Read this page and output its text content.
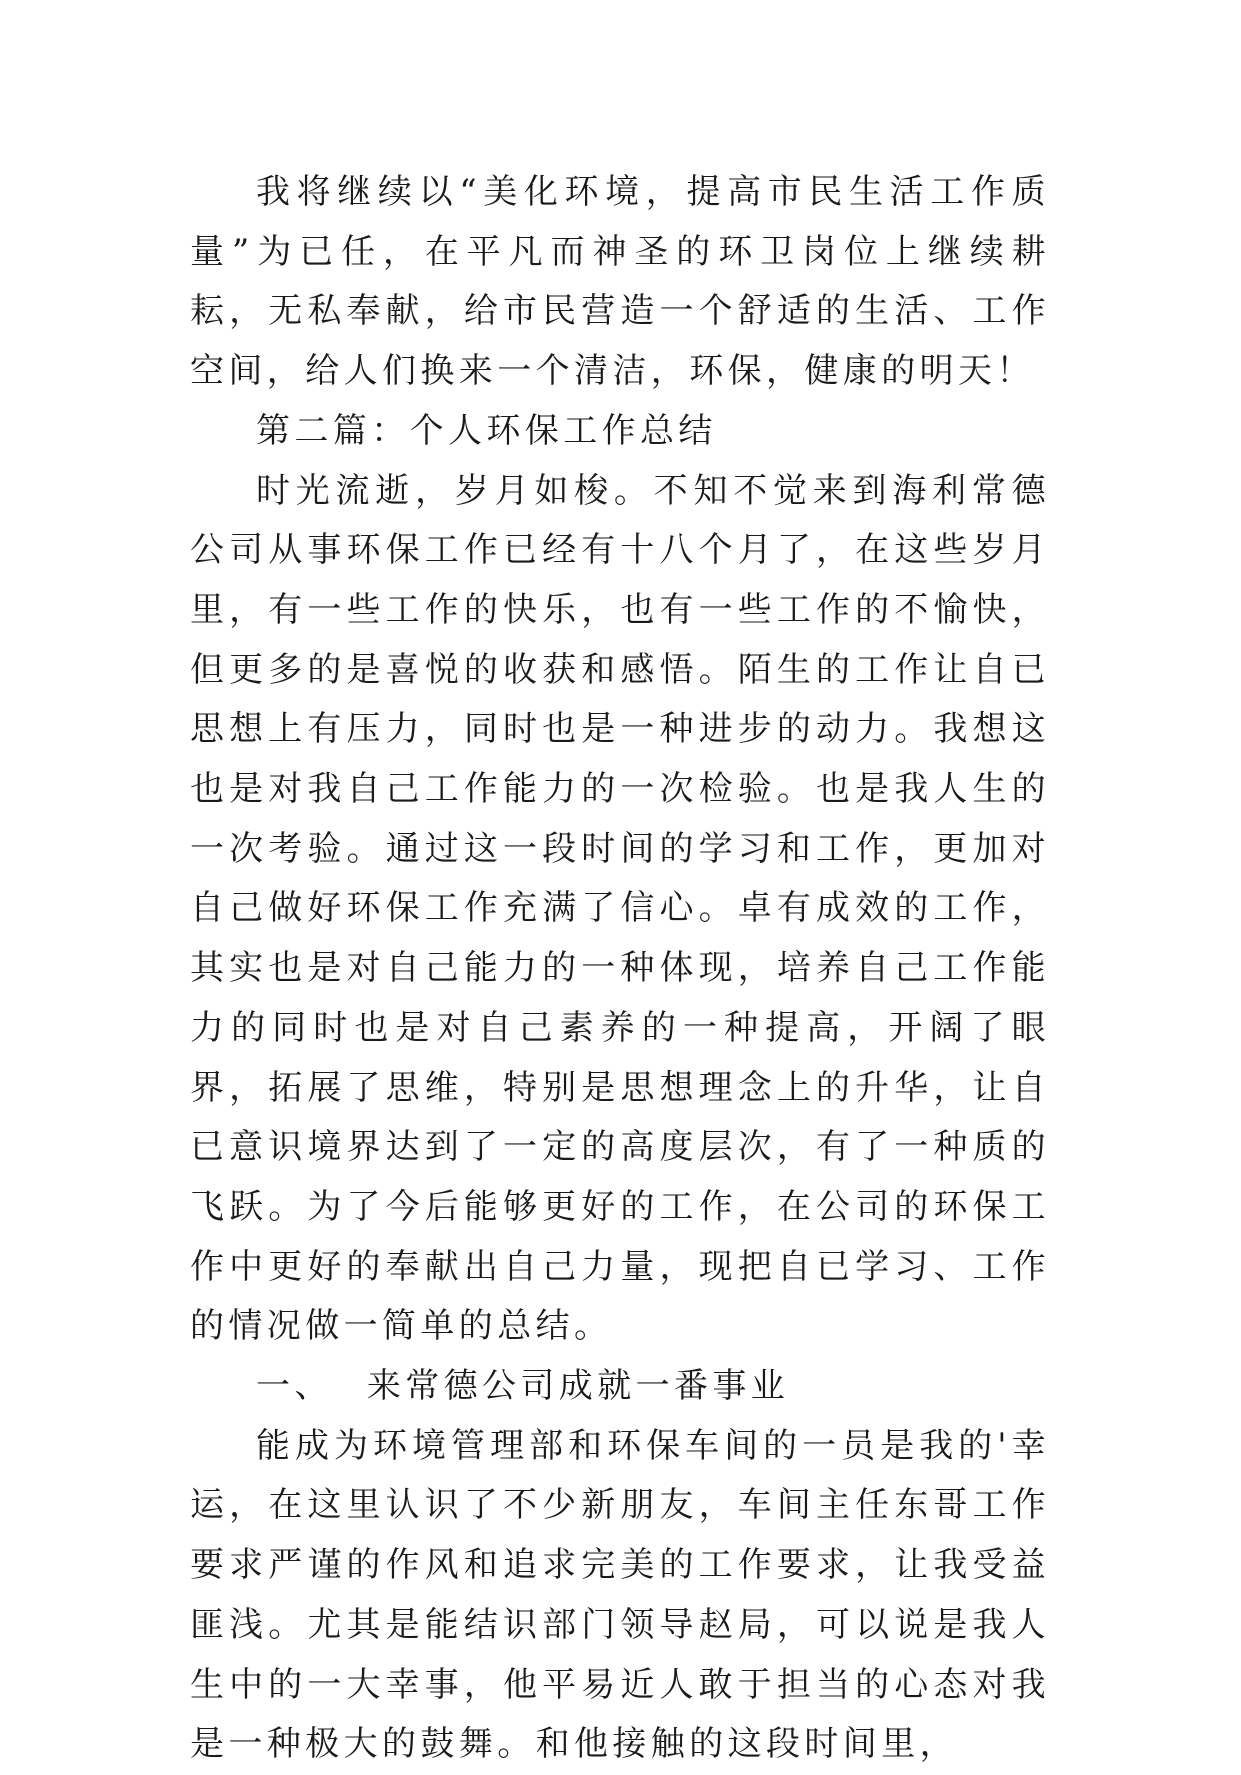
我将继续以“美化环境，提高市民生活工作质量”为已任，在平凡而神圣的环卫岗位上继续耕耘，无私奉献，给市民营造一个舒适的生活、工作空间，给人们换来一个清洁，环保，健康的明天！

第二篇：个人环保工作总结

时光流逝，岁月如梭。不知不觉来到海利常德公司从事环保工作已经有十八个月了，在这些岁月里，有一些工作的快乐，也有一些工作的不愉快，但更多的是喜悦的收获和感悟。陌生的工作让自已思想上有压力，同时也是一种进步的动力。我想这也是对我自己工作能力的一次检验。也是我人生的一次考验。通过这一段时间的学习和工作，更加对自己做好环保工作充满了信心。卓有成效的工作，其实也是对自己能力的一种体现，培养自己工作能力的同时也是对自己素养的一种提高，开阔了眼界，拓展了思维，特别是思想理念上的升华，让自已意识境界达到了一定的高度层次，有了一种质的飞跃。为了今后能够更好的工作，在公司的环保工作中更好的奉献出自己力量，现把自已学习、工作的情况做一简单的总结。

一、 来常德公司成就一番事业

能成为环境管理部和环保车间的一员是我的'幸运，在这里认识了不少新朋友，车间主任东哥工作要求严谨的作风和追求完美的工作要求，让我受益匪浅。尤其是能结识部门领导赵局，可以说是我人生中的一大幸事，他平易近人敢于担当的心态对我是一种极大的鼓舞。和他接触的这段时间里，
